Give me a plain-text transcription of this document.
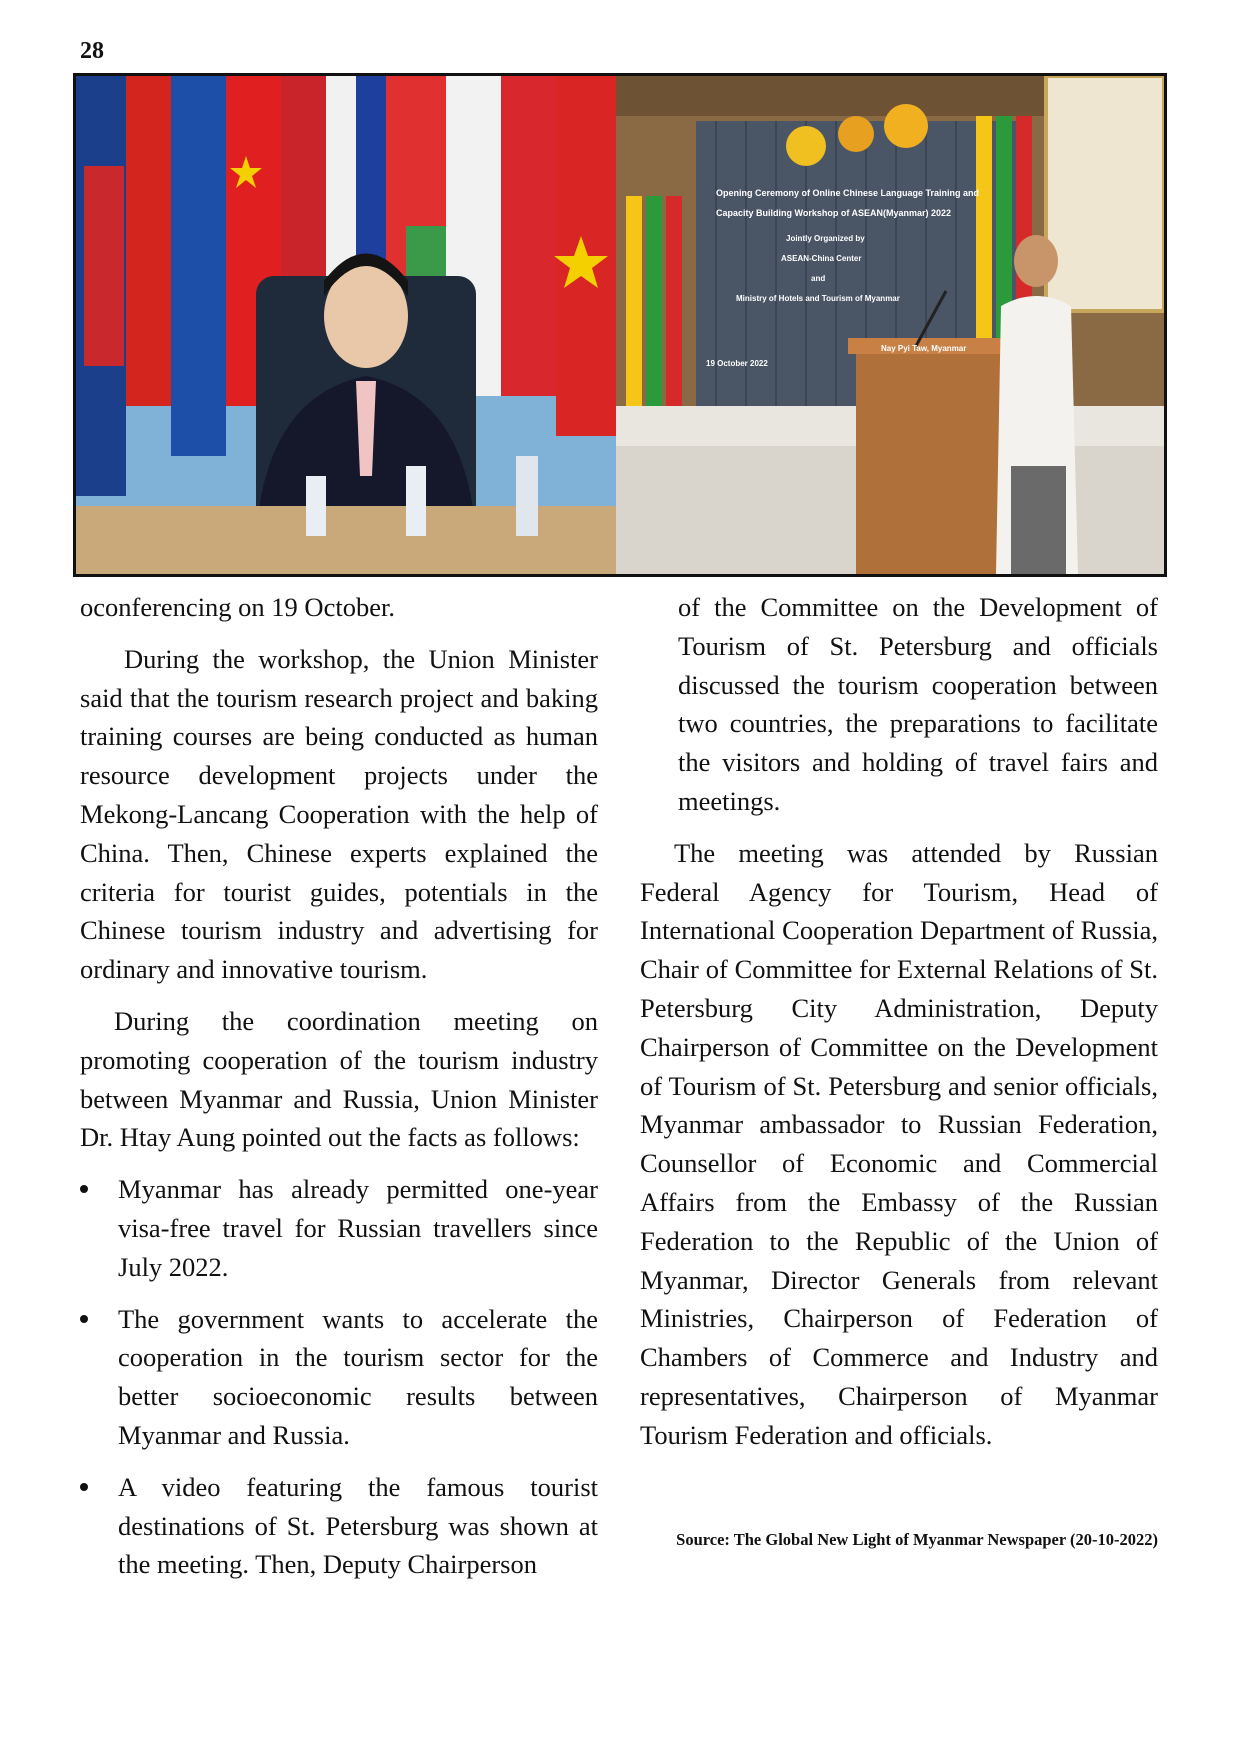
28
Opening Ceremony of Online Chinese Language Training and
Capacity Building Workshop of ASEAN(Myanmar) 2022
Jointly Organized by
ASEAN-China Center
and
Ministry of Hotels and Tourism of Myanmar
Nay Pyi Taw, Myanmar
19 October 2022

oconferencing on 19 October.

During the workshop, the Union Minister said that the tourism research project and baking training courses are being conducted as human resource development projects under the Mekong-Lancang Cooperation with the help of China. Then, Chinese experts explained the criteria for tourist guides, potentials in the Chinese tourism industry and advertising for ordinary and innovative tourism.

During the coordination meeting on promoting cooperation of the tourism industry between Myanmar and Russia, Union Minister Dr. Htay Aung pointed out the facts as follows:

Myanmar has already permitted one-year visa-free travel for Russian travellers since July 2022.
The government wants to accelerate the cooperation in the tourism sector for the better socioeconomic results between Myanmar and Russia.
A video featuring the famous tourist destinations of St. Petersburg was shown at the meeting. Then, Deputy Chairperson

of the Committee on the Development of Tourism of St. Petersburg and officials discussed the tourism cooperation between two countries, the preparations to facilitate the visitors and holding of travel fairs and meetings.

The meeting was attended by Russian Federal Agency for Tourism, Head of International Cooperation Department of Russia, Chair of Committee for External Relations of St. Petersburg City Administration, Deputy Chairperson of Committee on the Development of Tourism of St. Petersburg and senior officials, Myanmar ambassador to Russian Federation, Counsellor of Economic and Commercial Affairs from the Embassy of the Russian Federation to the Republic of the Union of Myanmar, Director Generals from relevant Ministries, Chairperson of Federation of Chambers of Commerce and Industry and representatives, Chairperson of Myanmar Tourism Federation and officials.

Source: The Global New Light of Myanmar Newspaper (20-10-2022)
